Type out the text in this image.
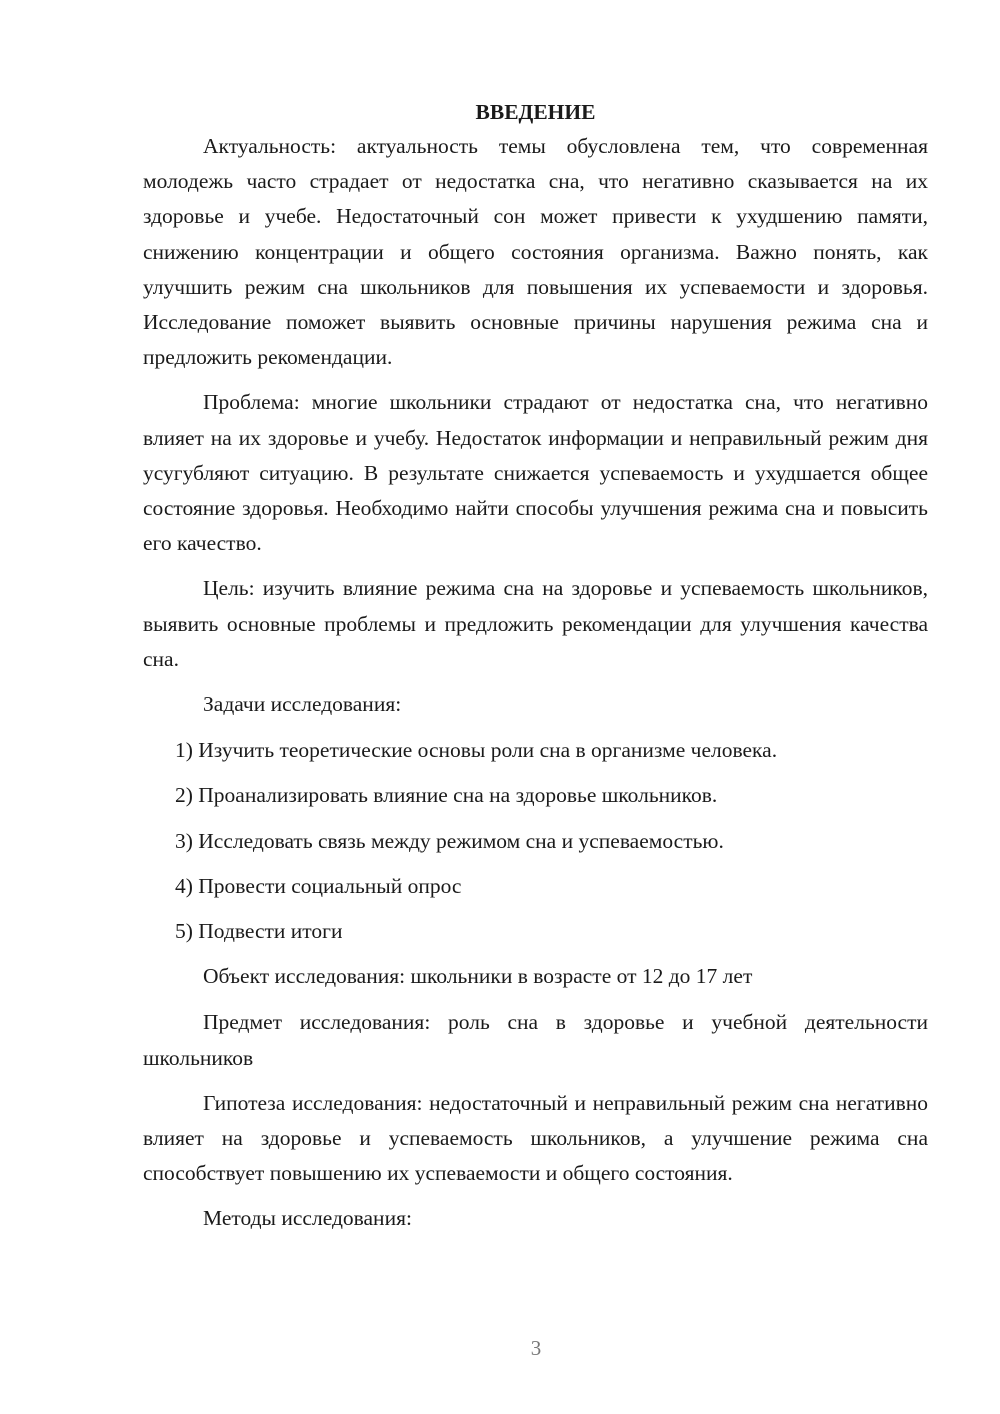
ВВЕДЕНИЕ

Актуальность: актуальность темы обусловлена тем, что современная молодежь часто страдает от недостатка сна, что негативно сказывается на их здоровье и учебе. Недостаточный сон может привести к ухудшению памяти, снижению концентрации и общего состояния организма. Важно понять, как улучшить режим сна школьников для повышения их успеваемости и здоровья. Исследование поможет выявить основные причины нарушения режима сна и предложить рекомендации.

Проблема: многие школьники страдают от недостатка сна, что негативно влияет на их здоровье и учебу. Недостаток информации и неправильный режим дня усугубляют ситуацию. В результате снижается успеваемость и ухудшается общее состояние здоровья. Необходимо найти способы улучшения режима сна и повысить его качество.

Цель: изучить влияние режима сна на здоровье и успеваемость школьников, выявить основные проблемы и предложить рекомендации для улучшения качества сна.

Задачи исследования:

1) Изучить теоретические основы роли сна в организме человека.
2) Проанализировать влияние сна на здоровье школьников.
3) Исследовать связь между режимом сна и успеваемостью.
4) Провести социальный опрос
5) Подвести итоги

Объект исследования: школьники в возрасте от 12 до 17 лет

Предмет исследования: роль сна в здоровье и учебной деятельности школьников

Гипотеза исследования: недостаточный и неправильный режим сна негативно влияет на здоровье и успеваемость школьников, а улучшение режима сна способствует повышению их успеваемости и общего состояния.

Методы исследования:

3
